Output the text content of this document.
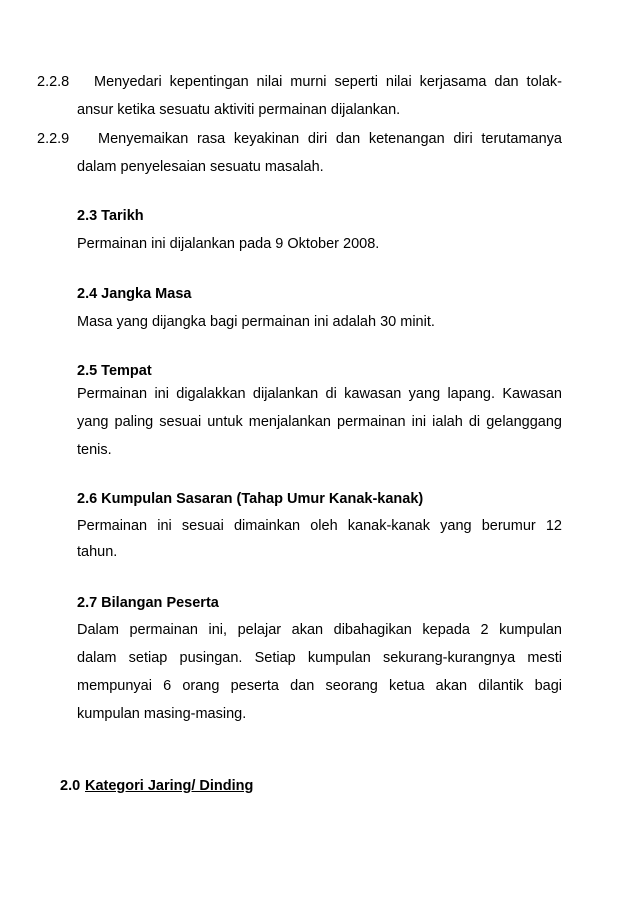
2.2.8 Menyedari kepentingan nilai murni seperti nilai kerjasama dan tolak-
ansur ketika sesuatu aktiviti permainan dijalankan.
2.2.9 Menyemaikan rasa keyakinan diri dan ketenangan diri terutamanya
dalam penyelesaian sesuatu masalah.
2.3 Tarikh
Permainan ini dijalankan pada 9 Oktober 2008.
2.4 Jangka Masa
Masa yang dijangka bagi permainan ini adalah 30 minit.
2.5 Tempat
Permainan ini digalakkan dijalankan di kawasan yang lapang. Kawasan
yang paling sesuai untuk menjalankan permainan ini ialah di gelanggang
tenis.
2.6 Kumpulan Sasaran (Tahap Umur Kanak-kanak)
Permainan ini sesuai dimainkan oleh kanak-kanak yang berumur 12
tahun.
2.7 Bilangan Peserta
Dalam permainan ini, pelajar akan dibahagikan kepada 2 kumpulan
dalam setiap pusingan. Setiap kumpulan sekurang-kurangnya mesti
mempunyai 6 orang peserta dan seorang ketua akan dilantik bagi
kumpulan masing-masing.
2.0 Kategori Jaring/ Dinding
